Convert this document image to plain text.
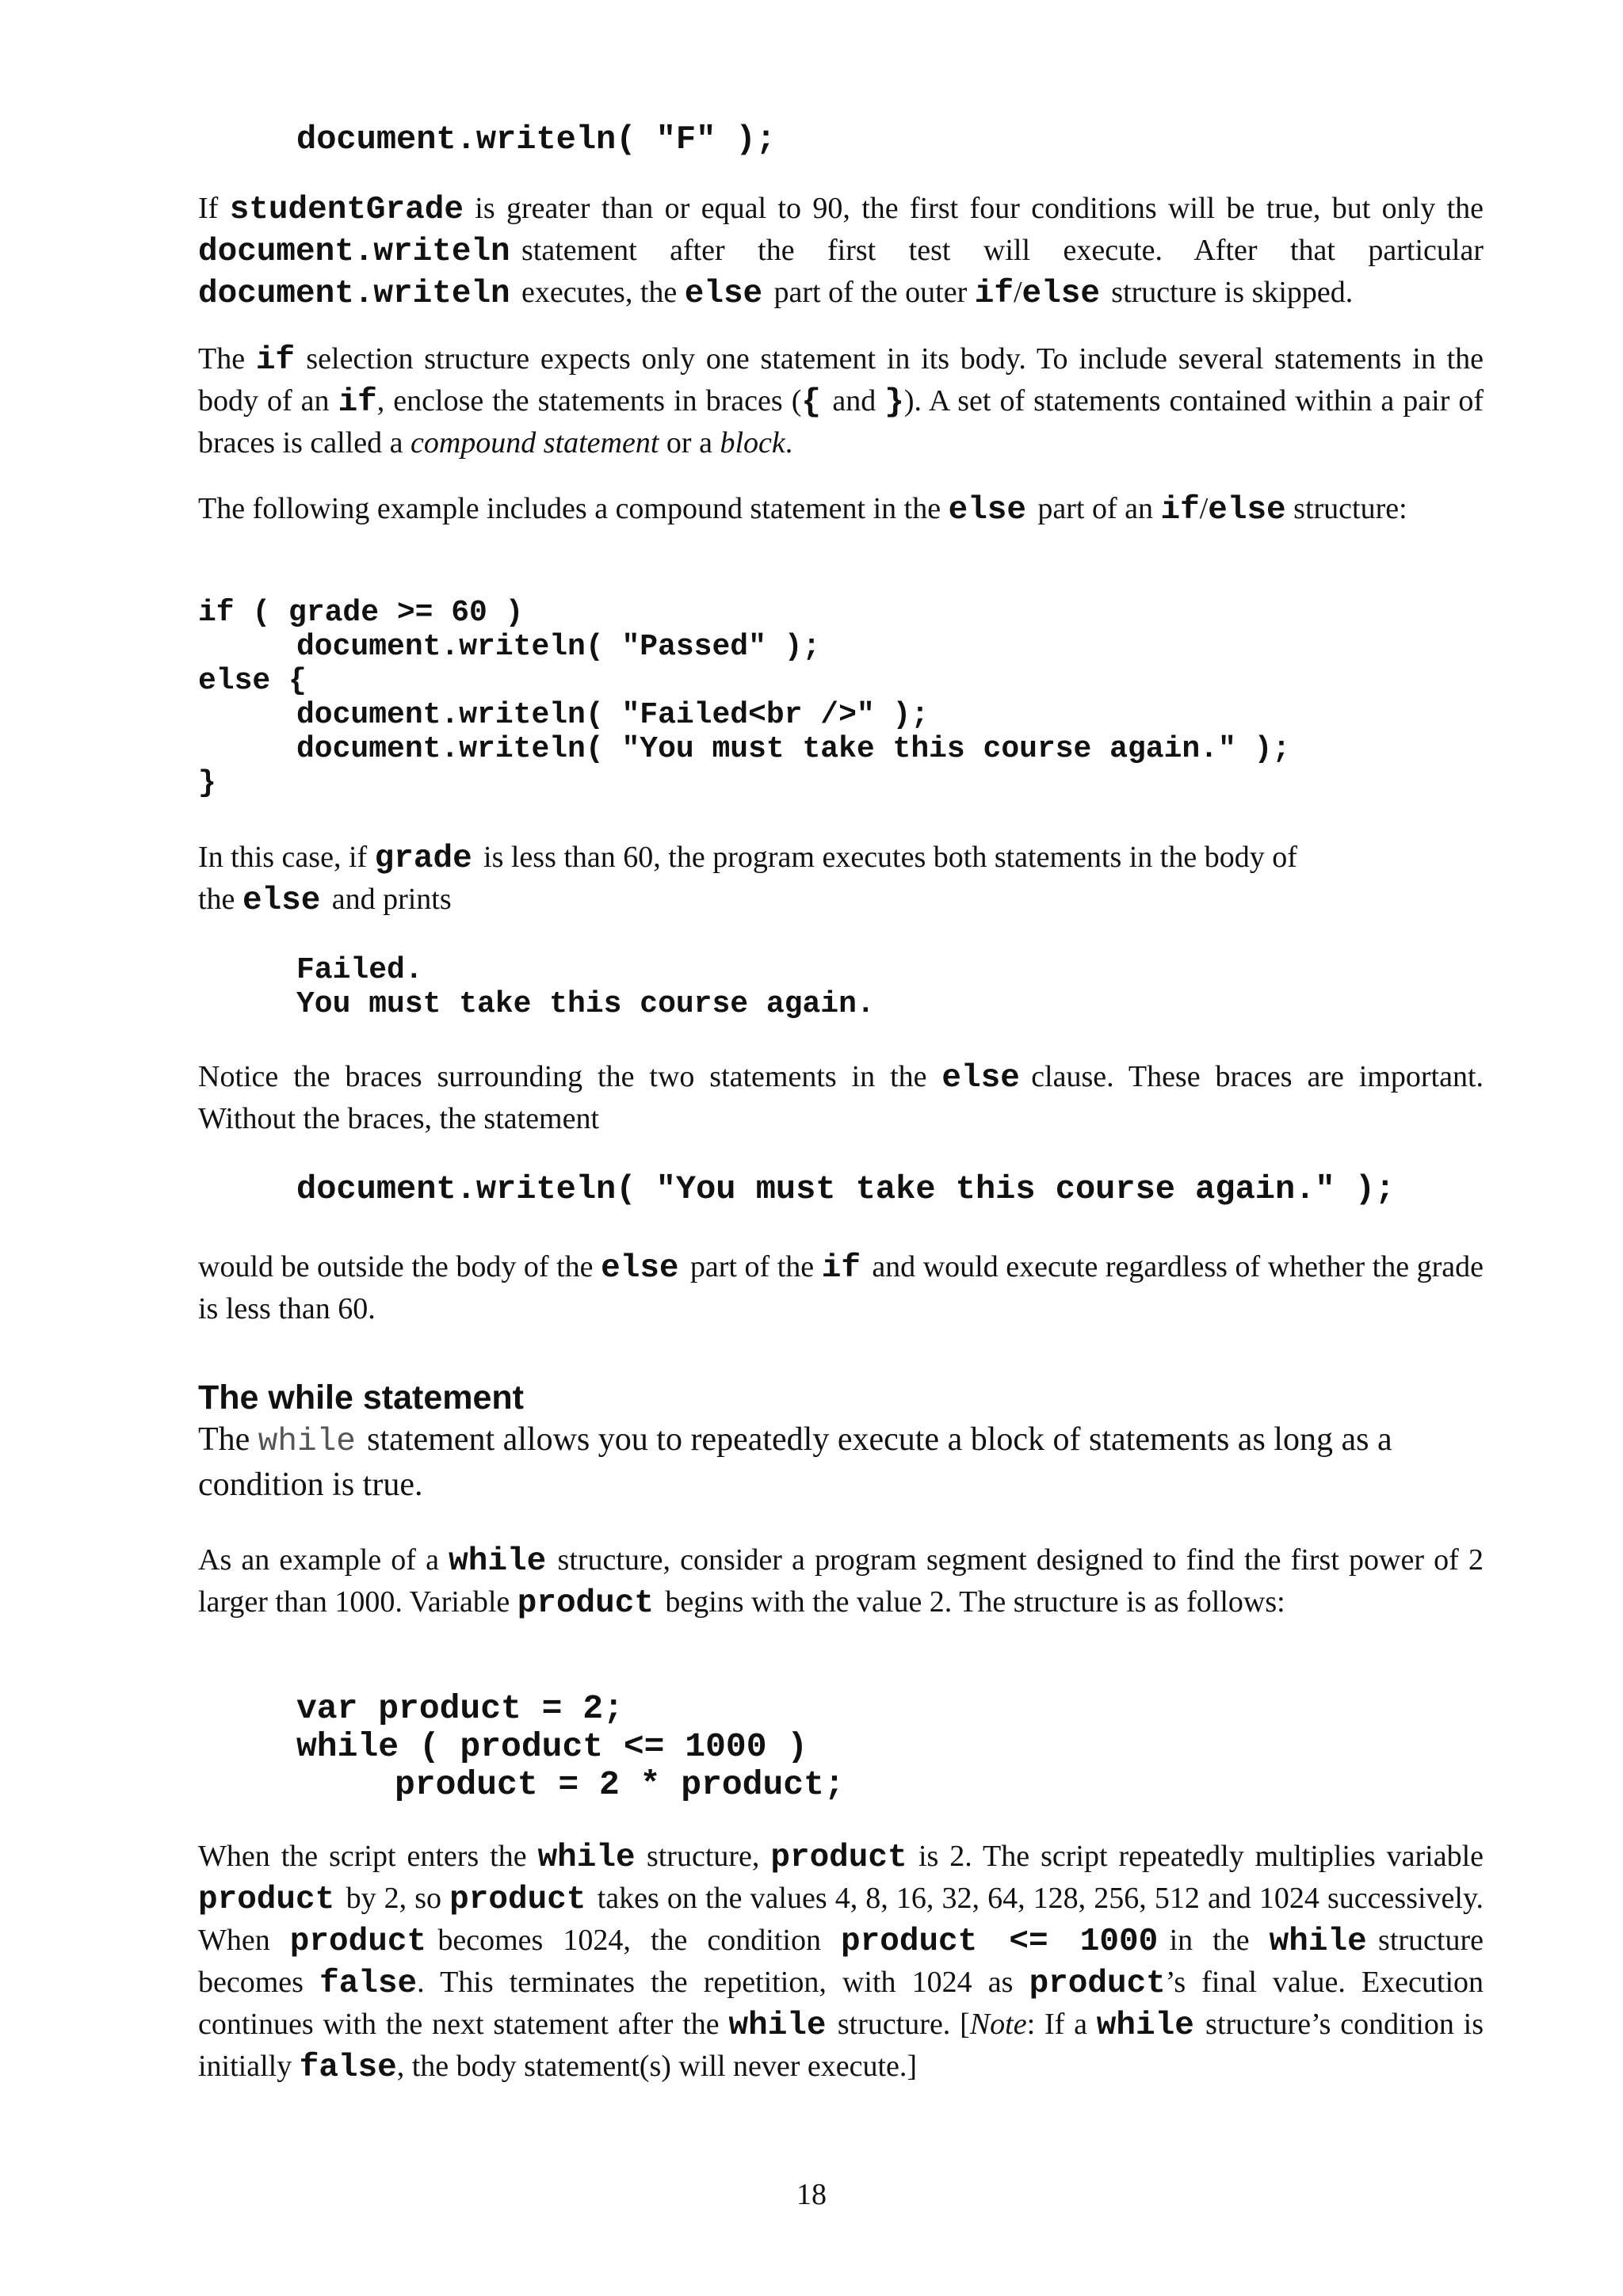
document.writeln( "F" );

If studentGrade is greater than or equal to 90, the first four conditions will be true, but only the document.writeln statement after the first test will execute. After that particular document.writeln executes, the else part of the outer if/else structure is skipped.

The if selection structure expects only one statement in its body. To include several statements in the body of an if, enclose the statements in braces ({ and }). A set of statements contained within a pair of braces is called a compound statement or a block.

The following example includes a compound statement in the else part of an if/else structure:

if ( grade >= 60 )
document.writeln( "Passed" );
else {
document.writeln( "Failed<br />" );
document.writeln( "You must take this course again." );
}

In this case, if grade is less than 60, the program executes both statements in the body of
the else and prints

Failed.
You must take this course again.

Notice the braces surrounding the two statements in the else clause. These braces are important. Without the braces, the statement

document.writeln( "You must take this course again." );

would be outside the body of the else part of the if and would execute regardless of whether the grade is less than 60.

The while statement

The while statement allows you to repeatedly execute a block of statements as long as a condition is true.

As an example of a while structure, consider a program segment designed to find the first power of 2 larger than 1000. Variable product begins with the value 2. The structure is as follows:

var product = 2;
while ( product <= 1000 )
product = 2 * product;

When the script enters the while structure, product is 2. The script repeatedly multiplies variable product by 2, so product takes on the values 4, 8, 16, 32, 64, 128, 256, 512 and 1024 successively. When product becomes 1024, the condition product <= 1000 in the while structure becomes false. This terminates the repetition, with 1024 as product’s final value. Execution continues with the next statement after the while structure. [Note: If a while structure’s condition is initially false, the body statement(s) will never execute.]

18
